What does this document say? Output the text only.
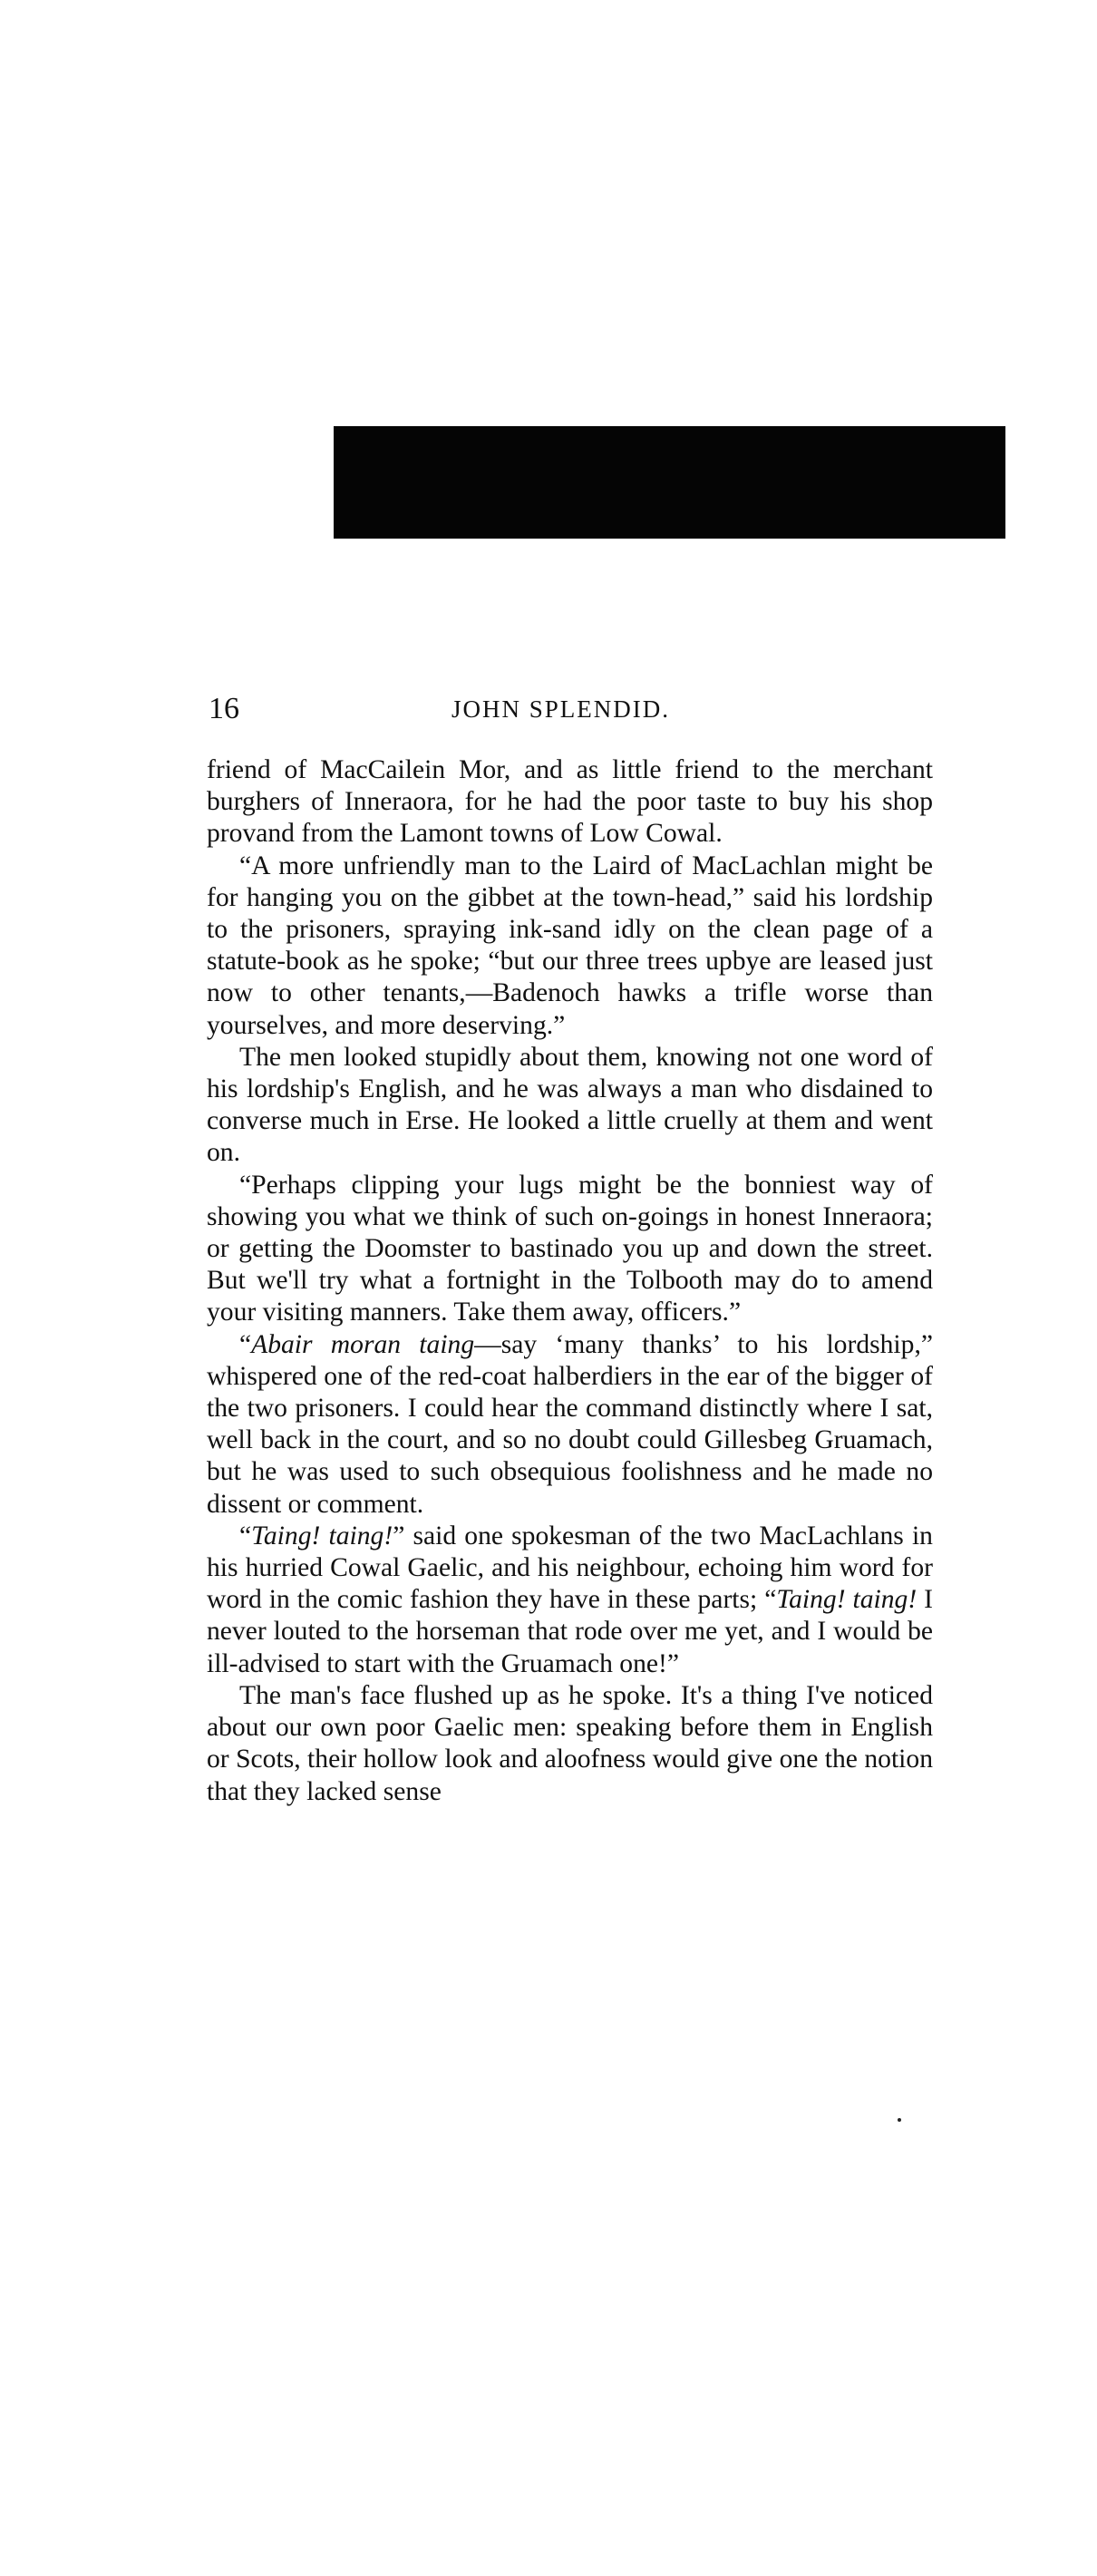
16	JOHN SPLENDID.

friend of MacCailein Mor, and as little friend to the merchant burghers of Inneraora, for he had the poor taste to buy his shop provand from the Lamont towns of Low Cowal.

“A more unfriendly man to the Laird of MacLachlan might be for hanging you on the gibbet at the town-head,” said his lordship to the prisoners, spraying ink-sand idly on the clean page of a statute-book as he spoke; “but our three trees upbye are leased just now to other tenants,—Badenoch hawks a trifle worse than yourselves, and more deserving.”

The men looked stupidly about them, knowing not one word of his lordship's English, and he was always a man who disdained to converse much in Erse. He looked a little cruelly at them and went on.

“Perhaps clipping your lugs might be the bonniest way of showing you what we think of such on-goings in honest Inneraora; or getting the Doomster to bastinado you up and down the street. But we'll try what a fortnight in the Tolbooth may do to amend your visiting manners. Take them away, officers.”

“Abair moran taing—say ‘many thanks’ to his lordship,” whispered one of the red-coat halberdiers in the ear of the bigger of the two prisoners. I could hear the command distinctly where I sat, well back in the court, and so no doubt could Gillesbeg Gruamach, but he was used to such obsequious foolishness and he made no dissent or comment.

“Taing! taing!” said one spokesman of the two MacLachlans in his hurried Cowal Gaelic, and his neighbour, echoing him word for word in the comic fashion they have in these parts; “Taing! taing! I never louted to the horseman that rode over me yet, and I would be ill-advised to start with the Gruamach one!”

The man's face flushed up as he spoke. It's a thing I've noticed about our own poor Gaelic men: speaking before them in English or Scots, their hollow look and aloofness would give one the notion that they lacked sense
